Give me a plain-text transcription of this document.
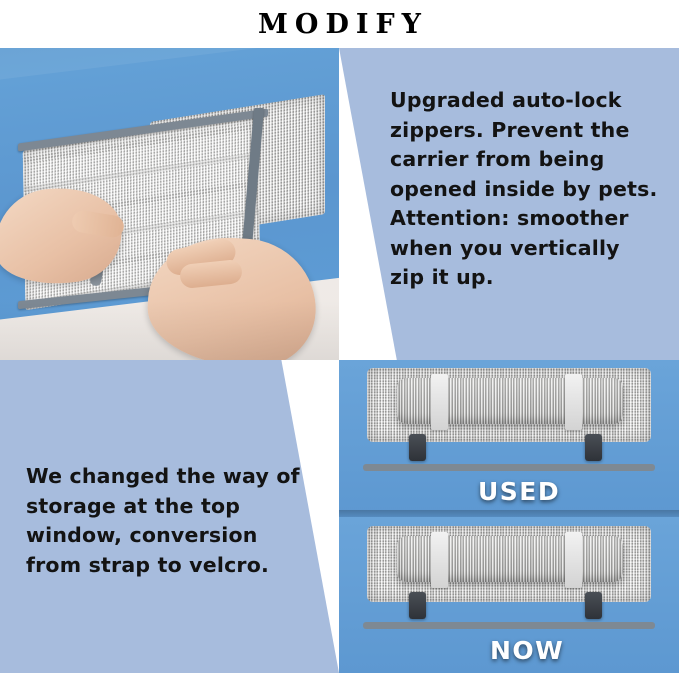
MODIFY
Upgraded auto-lock zippers. Prevent the carrier from being opened inside by pets. Attention: smoother when you vertically zip it up.
We changed the way of storage at the top window, conversion from strap to velcro.
USED
NOW
